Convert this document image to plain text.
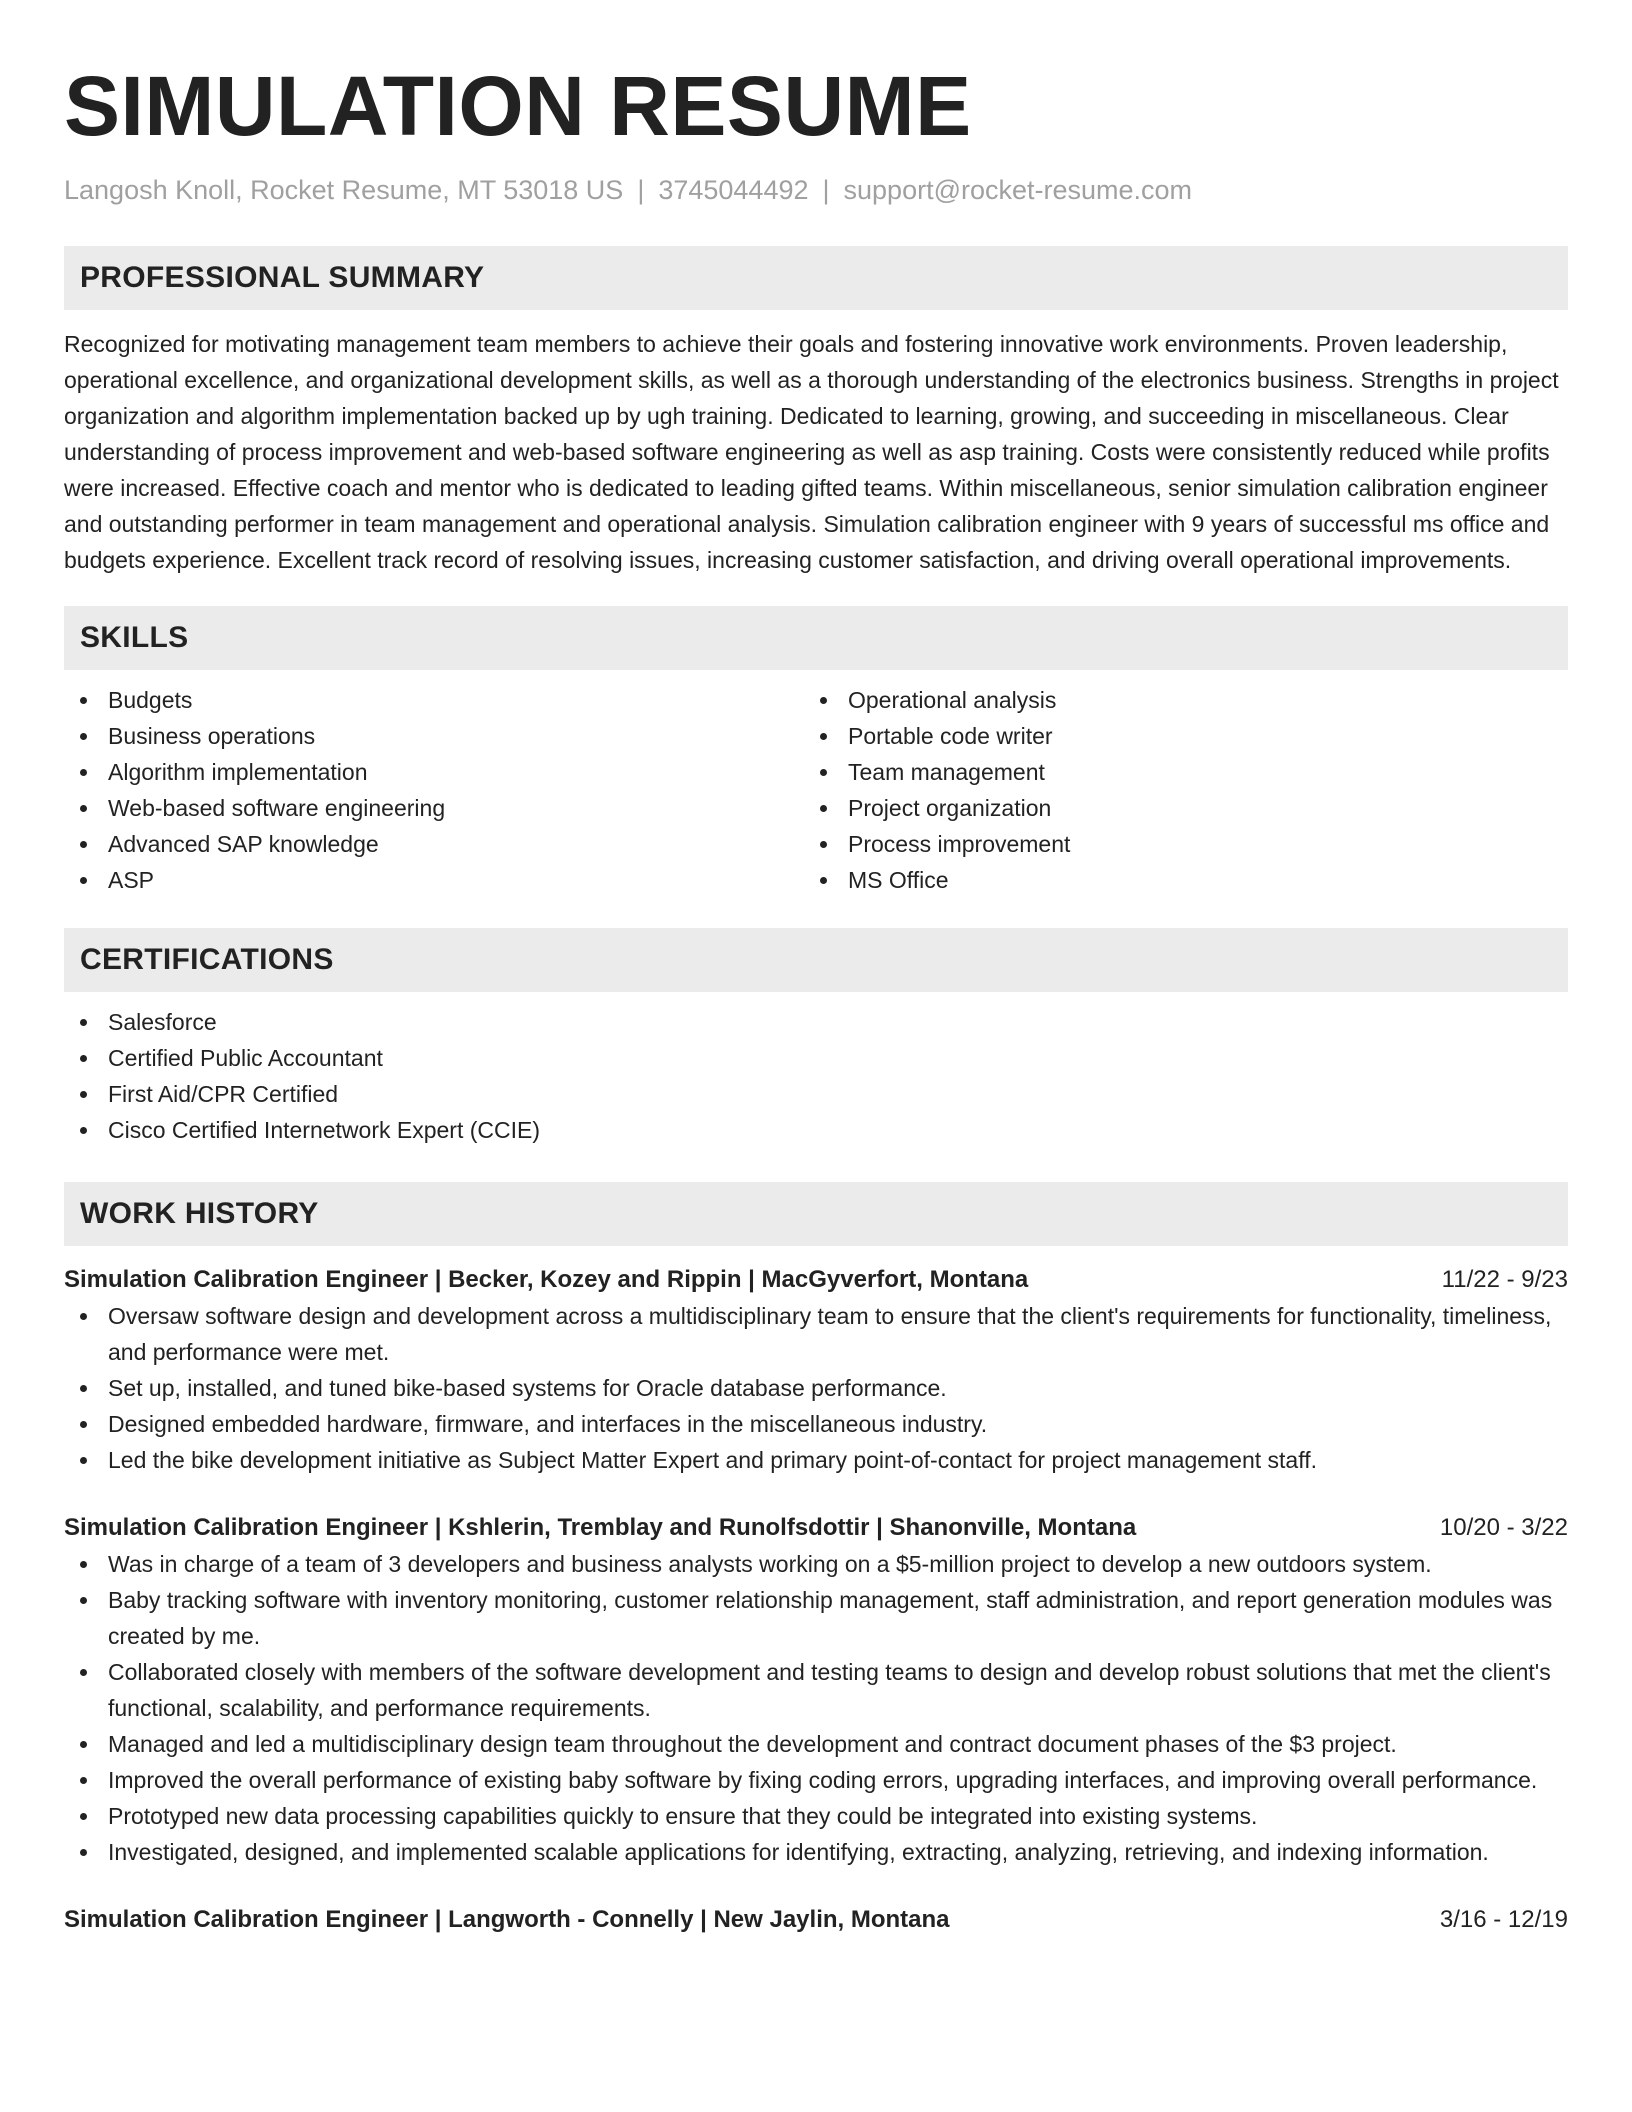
SIMULATION RESUME
Langosh Knoll, Rocket Resume, MT 53018 US | 3745044492 | support@rocket-resume.com
PROFESSIONAL SUMMARY

Recognized for motivating management team members to achieve their goals and fostering innovative work environments. Proven leadership, operational excellence, and organizational development skills, as well as a thorough understanding of the electronics business. Strengths in project organization and algorithm implementation backed up by ugh training. Dedicated to learning, growing, and succeeding in miscellaneous. Clear understanding of process improvement and web-based software engineering as well as asp training. Costs were consistently reduced while profits were increased. Effective coach and mentor who is dedicated to leading gifted teams. Within miscellaneous, senior simulation calibration engineer and outstanding performer in team management and operational analysis. Simulation calibration engineer with 9 years of successful ms office and budgets experience. Excellent track record of resolving issues, increasing customer satisfaction, and driving overall operational improvements.

SKILLS
Budgets
Business operations
Algorithm implementation
Web-based software engineering
Advanced SAP knowledge
ASP
Operational analysis
Portable code writer
Team management
Project organization
Process improvement
MS Office
CERTIFICATIONS
Salesforce
Certified Public Accountant
First Aid/CPR Certified
Cisco Certified Internetwork Expert (CCIE)
WORK HISTORY
Simulation Calibration Engineer | Becker, Kozey and Rippin | MacGyverfort, Montana	11/22 - 9/23
Oversaw software design and development across a multidisciplinary team to ensure that the client's requirements for functionality, timeliness, and performance were met.
Set up, installed, and tuned bike-based systems for Oracle database performance.
Designed embedded hardware, firmware, and interfaces in the miscellaneous industry.
Led the bike development initiative as Subject Matter Expert and primary point-of-contact for project management staff.
Simulation Calibration Engineer | Kshlerin, Tremblay and Runolfsdottir | Shanonville, Montana	10/20 - 3/22
Was in charge of a team of 3 developers and business analysts working on a $5-million project to develop a new outdoors system.
Baby tracking software with inventory monitoring, customer relationship management, staff administration, and report generation modules was created by me.
Collaborated closely with members of the software development and testing teams to design and develop robust solutions that met the client's functional, scalability, and performance requirements.
Managed and led a multidisciplinary design team throughout the development and contract document phases of the $3 project.
Improved the overall performance of existing baby software by fixing coding errors, upgrading interfaces, and improving overall performance.
Prototyped new data processing capabilities quickly to ensure that they could be integrated into existing systems.
Investigated, designed, and implemented scalable applications for identifying, extracting, analyzing, retrieving, and indexing information.
Simulation Calibration Engineer | Langworth - Connelly | New Jaylin, Montana	3/16 - 12/19
